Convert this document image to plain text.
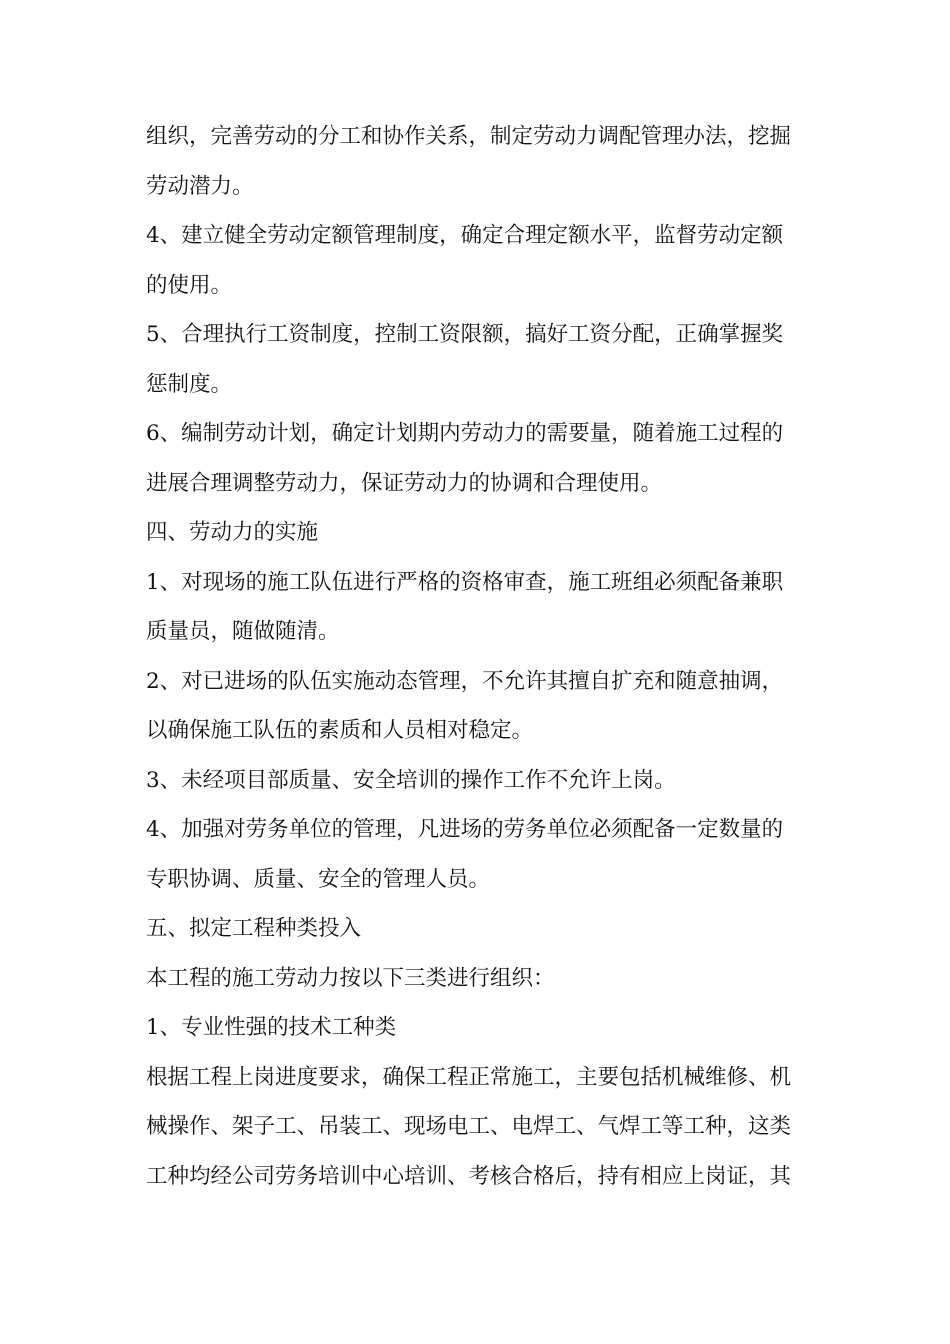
组织，完善劳动的分工和协作关系，制定劳动力调配管理办法，挖掘
劳动潜力。
4、建立健全劳动定额管理制度，确定合理定额水平，监督劳动定额
的使用。
5、合理执行工资制度，控制工资限额，搞好工资分配，正确掌握奖
惩制度。
6、编制劳动计划，确定计划期内劳动力的需要量，随着施工过程的
进展合理调整劳动力，保证劳动力的协调和合理使用。
四、劳动力的实施
1、对现场的施工队伍进行严格的资格审查，施工班组必须配备兼职
质量员，随做随清。
2、对已进场的队伍实施动态管理，不允许其擅自扩充和随意抽调，
以确保施工队伍的素质和人员相对稳定。
3、未经项目部质量、安全培训的操作工作不允许上岗。
4、加强对劳务单位的管理，凡进场的劳务单位必须配备一定数量的
专职协调、质量、安全的管理人员。
五、拟定工程种类投入
本工程的施工劳动力按以下三类进行组织：
1、专业性强的技术工种类
根据工程上岗进度要求，确保工程正常施工，主要包括机械维修、机
械操作、架子工、吊装工、现场电工、电焊工、气焊工等工种，这类
工种均经公司劳务培训中心培训、考核合格后，持有相应上岗证，其
